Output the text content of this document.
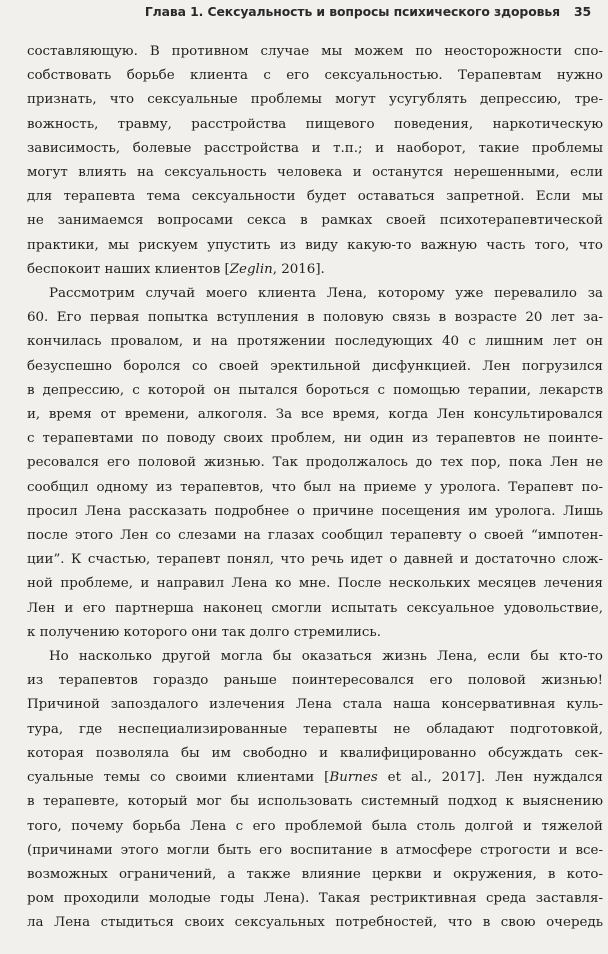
Глава 1. Сексуальность и вопросы психического здоровья 35
составляющую. В противном случае мы можем по неосторожности спо-
собствовать борьбе клиента с его сексуальностью. Терапевтам нужно
признать, что сексуальные проблемы могут усугублять депрессию, тре-
вожность, травму, расстройства пищевого поведения, наркотическую
зависимость, болевые расстройства и т.п.; и наоборот, такие проблемы
могут влиять на сексуальность человека и останутся нерешенными, если
для терапевта тема сексуальности будет оставаться запретной. Если мы
не занимаемся вопросами секса в рамках своей психотерапевтической
практики, мы рискуем упустить из виду какую-то важную часть того, что
беспокоит наших клиентов [Zeglin, 2016].
Рассмотрим случай моего клиента Лена, которому уже перевалило за
60. Его первая попытка вступления в половую связь в возрасте 20 лет за-
кончилась провалом, и на протяжении последующих 40 с лишним лет он
безуспешно боролся со своей эректильной дисфункцией. Лен погрузился
в депрессию, с которой он пытался бороться с помощью терапии, лекарств
и, время от времени, алкоголя. За все время, когда Лен консультировался
с терапевтами по поводу своих проблем, ни один из терапевтов не поинте-
ресовался его половой жизнью. Так продолжалось до тех пор, пока Лен не
сообщил одному из терапевтов, что был на приеме у уролога. Терапевт по-
просил Лена рассказать подробнее о причине посещения им уролога. Лишь
после этого Лен со слезами на глазах сообщил терапевту о своей “импотен-
ции”. К счастью, терапевт понял, что речь идет о давней и достаточно слож-
ной проблеме, и направил Лена ко мне. После нескольких месяцев лечения
Лен и его партнерша наконец смогли испытать сексуальное удовольствие,
к получению которого они так долго стремились.
Но насколько другой могла бы оказаться жизнь Лена, если бы кто-то
из терапевтов гораздо раньше поинтересовался его половой жизнью!
Причиной запоздалого излечения Лена стала наша консервативная куль-
тура, где неспециализированные терапевты не обладают подготовкой,
которая позволяла бы им свободно и квалифицированно обсуждать сек-
суальные темы со своими клиентами [Burnes et al., 2017]. Лен нуждался
в терапевте, который мог бы использовать системный подход к выяснению
того, почему борьба Лена с его проблемой была столь долгой и тяжелой
(причинами этого могли быть его воспитание в атмосфере строгости и все-
возможных ограничений, а также влияние церкви и окружения, в кото-
ром проходили молодые годы Лена). Такая рестриктивная среда заставля-
ла Лена стыдиться своих сексуальных потребностей, что в свою очередь
